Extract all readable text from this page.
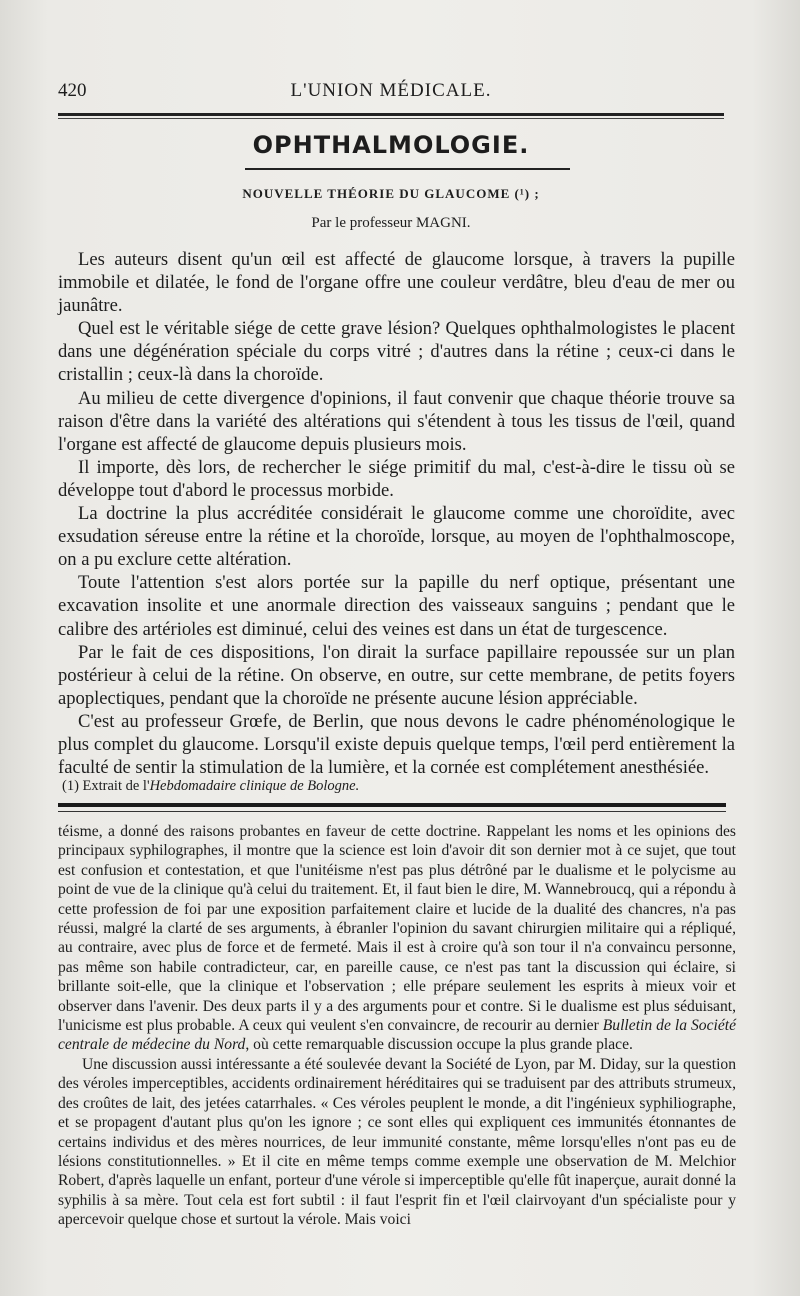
420	L'UNION MÉDICALE.
OPHTHALMOLOGIE.
NOUVELLE THÉORIE DU GLAUCOME (¹) ;
Par le professeur MAGNI.

Les auteurs disent qu'un œil est affecté de glaucome lorsque, à travers la pupille immobile et dilatée, le fond de l'organe offre une couleur verdâtre, bleu d'eau de mer ou jaunâtre.

Quel est le véritable siége de cette grave lésion? Quelques ophthalmologistes le placent dans une dégénération spéciale du corps vitré ; d'autres dans la rétine ; ceux-ci dans le cristallin ; ceux-là dans la choroïde.

Au milieu de cette divergence d'opinions, il faut convenir que chaque théorie trouve sa raison d'être dans la variété des altérations qui s'étendent à tous les tissus de l'œil, quand l'organe est affecté de glaucome depuis plusieurs mois.

Il importe, dès lors, de rechercher le siége primitif du mal, c'est-à-dire le tissu où se développe tout d'abord le processus morbide.

La doctrine la plus accréditée considérait le glaucome comme une choroïdite, avec exsudation séreuse entre la rétine et la choroïde, lorsque, au moyen de l'ophthalmoscope, on a pu exclure cette altération.

Toute l'attention s'est alors portée sur la papille du nerf optique, présentant une excavation insolite et une anormale direction des vaisseaux sanguins ; pendant que le calibre des artérioles est diminué, celui des veines est dans un état de turgescence.

Par le fait de ces dispositions, l'on dirait la surface papillaire repoussée sur un plan postérieur à celui de la rétine. On observe, en outre, sur cette membrane, de petits foyers apoplectiques, pendant que la choroïde ne présente aucune lésion appréciable.

C'est au professeur Grœfe, de Berlin, que nous devons le cadre phénoménologique le plus complet du glaucome. Lorsqu'il existe depuis quelque temps, l'œil perd entièrement la faculté de sentir la stimulation de la lumière, et la cornée est complétement anesthésiée.

(1) Extrait de l'Hebdomadaire clinique de Bologne.

téisme, a donné des raisons probantes en faveur de cette doctrine. Rappelant les noms et les opinions des principaux syphilographes, il montre que la science est loin d'avoir dit son dernier mot à ce sujet, que tout est confusion et contestation, et que l'unitéisme n'est pas plus détrôné par le dualisme et le polycisme au point de vue de la clinique qu'à celui du traitement. Et, il faut bien le dire, M. Wannebroucq, qui a répondu à cette profession de foi par une exposition parfaitement claire et lucide de la dualité des chancres, n'a pas réussi, malgré la clarté de ses arguments, à ébranler l'opinion du savant chirurgien militaire qui a répliqué, au contraire, avec plus de force et de fermeté. Mais il est à croire qu'à son tour il n'a convaincu personne, pas même son habile contradicteur, car, en pareille cause, ce n'est pas tant la discussion qui éclaire, si brillante soit-elle, que la clinique et l'observation ; elle prépare seulement les esprits à mieux voir et observer dans l'avenir. Des deux parts il y a des arguments pour et contre. Si le dualisme est plus séduisant, l'unicisme est plus probable. A ceux qui veulent s'en convaincre, de recourir au dernier Bulletin de la Société centrale de médecine du Nord, où cette remarquable discussion occupe la plus grande place.

Une discussion aussi intéressante a été soulevée devant la Société de Lyon, par M. Diday, sur la question des véroles imperceptibles, accidents ordinairement héréditaires qui se traduisent par des attributs strumeux, des croûtes de lait, des jetées catarrhales. « Ces véroles peuplent le monde, a dit l'ingénieux syphiliographe, et se propagent d'autant plus qu'on les ignore ; ce sont elles qui expliquent ces immunités étonnantes de certains individus et des mères nourrices, de leur immunité constante, même lorsqu'elles n'ont pas eu de lésions constitutionnelles. » Et il cite en même temps comme exemple une observation de M. Melchior Robert, d'après laquelle un enfant, porteur d'une vérole si imperceptible qu'elle fût inaperçue, aurait donné la syphilis à sa mère. Tout cela est fort subtil : il faut l'esprit fin et l'œil clairvoyant d'un spécialiste pour y apercevoir quelque chose et surtout la vérole. Mais voici
